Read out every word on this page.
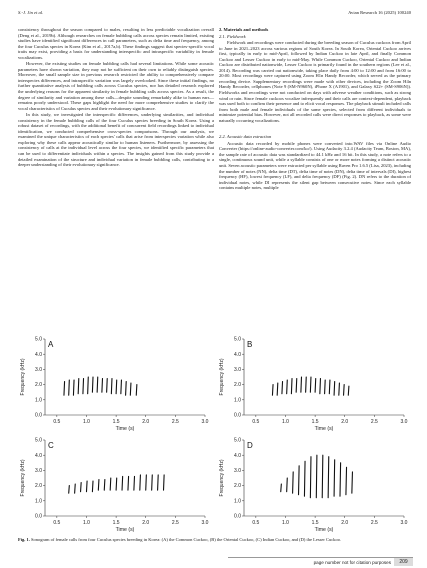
S.-J. Jin et al.	Avian Research 16 (2025) 100240

consistency throughout the season compared to males, resulting in less predictable vocalization overall (Deng et al., 2019b). Although researches on female bubbling calls across species remain limited, existing studies have identified significant differences in call parameters, such as delta time and frequency, among the four Cuculus species in Korea (Kim et al., 2017a,b). These findings suggest that species-specific vocal traits may exist, providing a basis for understanding interspecific and intraspecific variability in female vocalizations.

However, the existing studies on female bubbling calls had several limitations. While some acoustic parameters have shown variation, they may not be sufficient on their own to reliably distinguish species. Moreover, the small sample size in previous research restricted the ability to comprehensively compare interspecies differences, and intraspecific variation was largely overlooked. Since these initial findings, no further quantitative analysis of bubbling calls across Cuculus species, nor has detailed research explored the underlying reasons for the apparent similarity in female bubbling calls across species. As a result, the degree of similarity and variation among these calls—despite sounding remarkably alike to human ears—remains poorly understood. These gaps highlight the need for more comprehensive studies to clarify the vocal characteristics of Cuculus species and their evolutionary significance.

In this study, we investigated the interspecific differences, underlying similarities, and individual consistency in the female bubbling calls of the four Cuculus species breeding in South Korea. Using a robust dataset of recordings, with the additional benefit of concurrent field recordings linked to individual identification, we conducted comprehensive cross-species comparisons. Through our analysis, we examined the unique characteristics of each species' calls that arise from interspecies variation while also exploring why these calls appear acoustically similar to human listeners. Furthermore, by assessing the consistency of calls at the individual level across the four species, we identified specific parameters that can be used to differentiate individuals within a species. The insights gained from this study provide a detailed examination of the structure and individual variation in female bubbling calls, contributing to a deeper understanding of their evolutionary significance.

2. Materials and methods

2.1. Fieldwork

Fieldwork and recordings were conducted during the breeding season of Cuculus cuckoos from April to June in 2021–2023 across various regions of South Korea. In South Korea, Oriental Cuckoo arrives first, typically in early to mid-April, followed by Indian Cuckoo in late April, and finally Common Cuckoo and Lesser Cuckoo in early to mid-May. While Common Cuckoo, Oriental Cuckoo and Indian Cuckoo are distributed nationwide, Lesser Cuckoo is primarily found in the southern regions (Lee et al., 2014). Recording was carried out nationwide, taking place daily from 4:00 to 12:00 and from 16:00 to 20:00. Most recordings were captured using Zoom H1n Handy Recorder, which served as the primary recording device. Supplementary recordings were made with other devices, including the Zoom H4n Handy Recorder, cellphones (Note 9 (SM-N960N), iPhone X (A1901), and Galaxy S22+ (SM-S906N)). Fieldworks and recordings were not conducted on days with adverse weather conditions, such as strong wind or rain. Since female cuckoos vocalize infrequently and their calls are context-dependent, playback was used both to confirm their presence and to elicit vocal responses. The playback stimuli included calls from both male and female individuals of the same species, selected from different individuals to minimize potential bias. However, not all recorded calls were direct responses to playback, as some were naturally occurring vocalizations.

2.2. Acoustic data extraction

Acoustic data recorded by mobile phones were converted into.WAV files via Online Audio Converter (https://online-audio-converter.com/ko/). Using Audacity 3.2.4 (Audacity Team, Boston, MA), the sample rate of acoustic data was standardized to 44.1 kHz and 16 bit. In this study, a note refers to a single, continuous sound unit, while a syllable consists of one or more notes forming a distinct acoustic unit. Seven acoustic parameters were extracted per syllable using Raven Pro 1.6.5 (Lisa, 2023), including the number of notes (NN), delta time (DT), delta time of notes (DN), delta time of intervals (DI), highest frequency (HF), lowest frequency (LF), and delta frequency (DF) (Fig. 2). DN refers to the duration of individual notes, while DI represents the silent gap between consecutive notes. Since each syllable contains multiple notes, multiple

0.0
1.0
2.0
3.0
4.0
5.0
0.5	1.0	1.5	2.0	2.5	3.0
Frequency (kHz)
Time (s)
A
0.0
1.0
2.0
3.0
4.0
5.0
0.5	1.0	1.5	2.0	2.5	3.0
Frequency (kHz)
Time (s)
B
0.0
1.0
2.0
3.0
4.0
5.0
0.5	1.0	1.5	2.0	2.5	3.0
Frequency (kHz)
Time (s)
C
0.0
1.0
2.0
3.0
4.0
5.0
0.5	1.0	1.5	2.0	2.5	3.0
Frequency (kHz)
Time (s)
D
Fig. 1. Sonogram of female calls from four Cuculus species breeding in Korea: (A) the Common Cuckoo, (B) the Oriental Cuckoo, (C) Indian Cuckoo, and (D) the Lesser Cuckoo.
page number not for citation purposes	209
